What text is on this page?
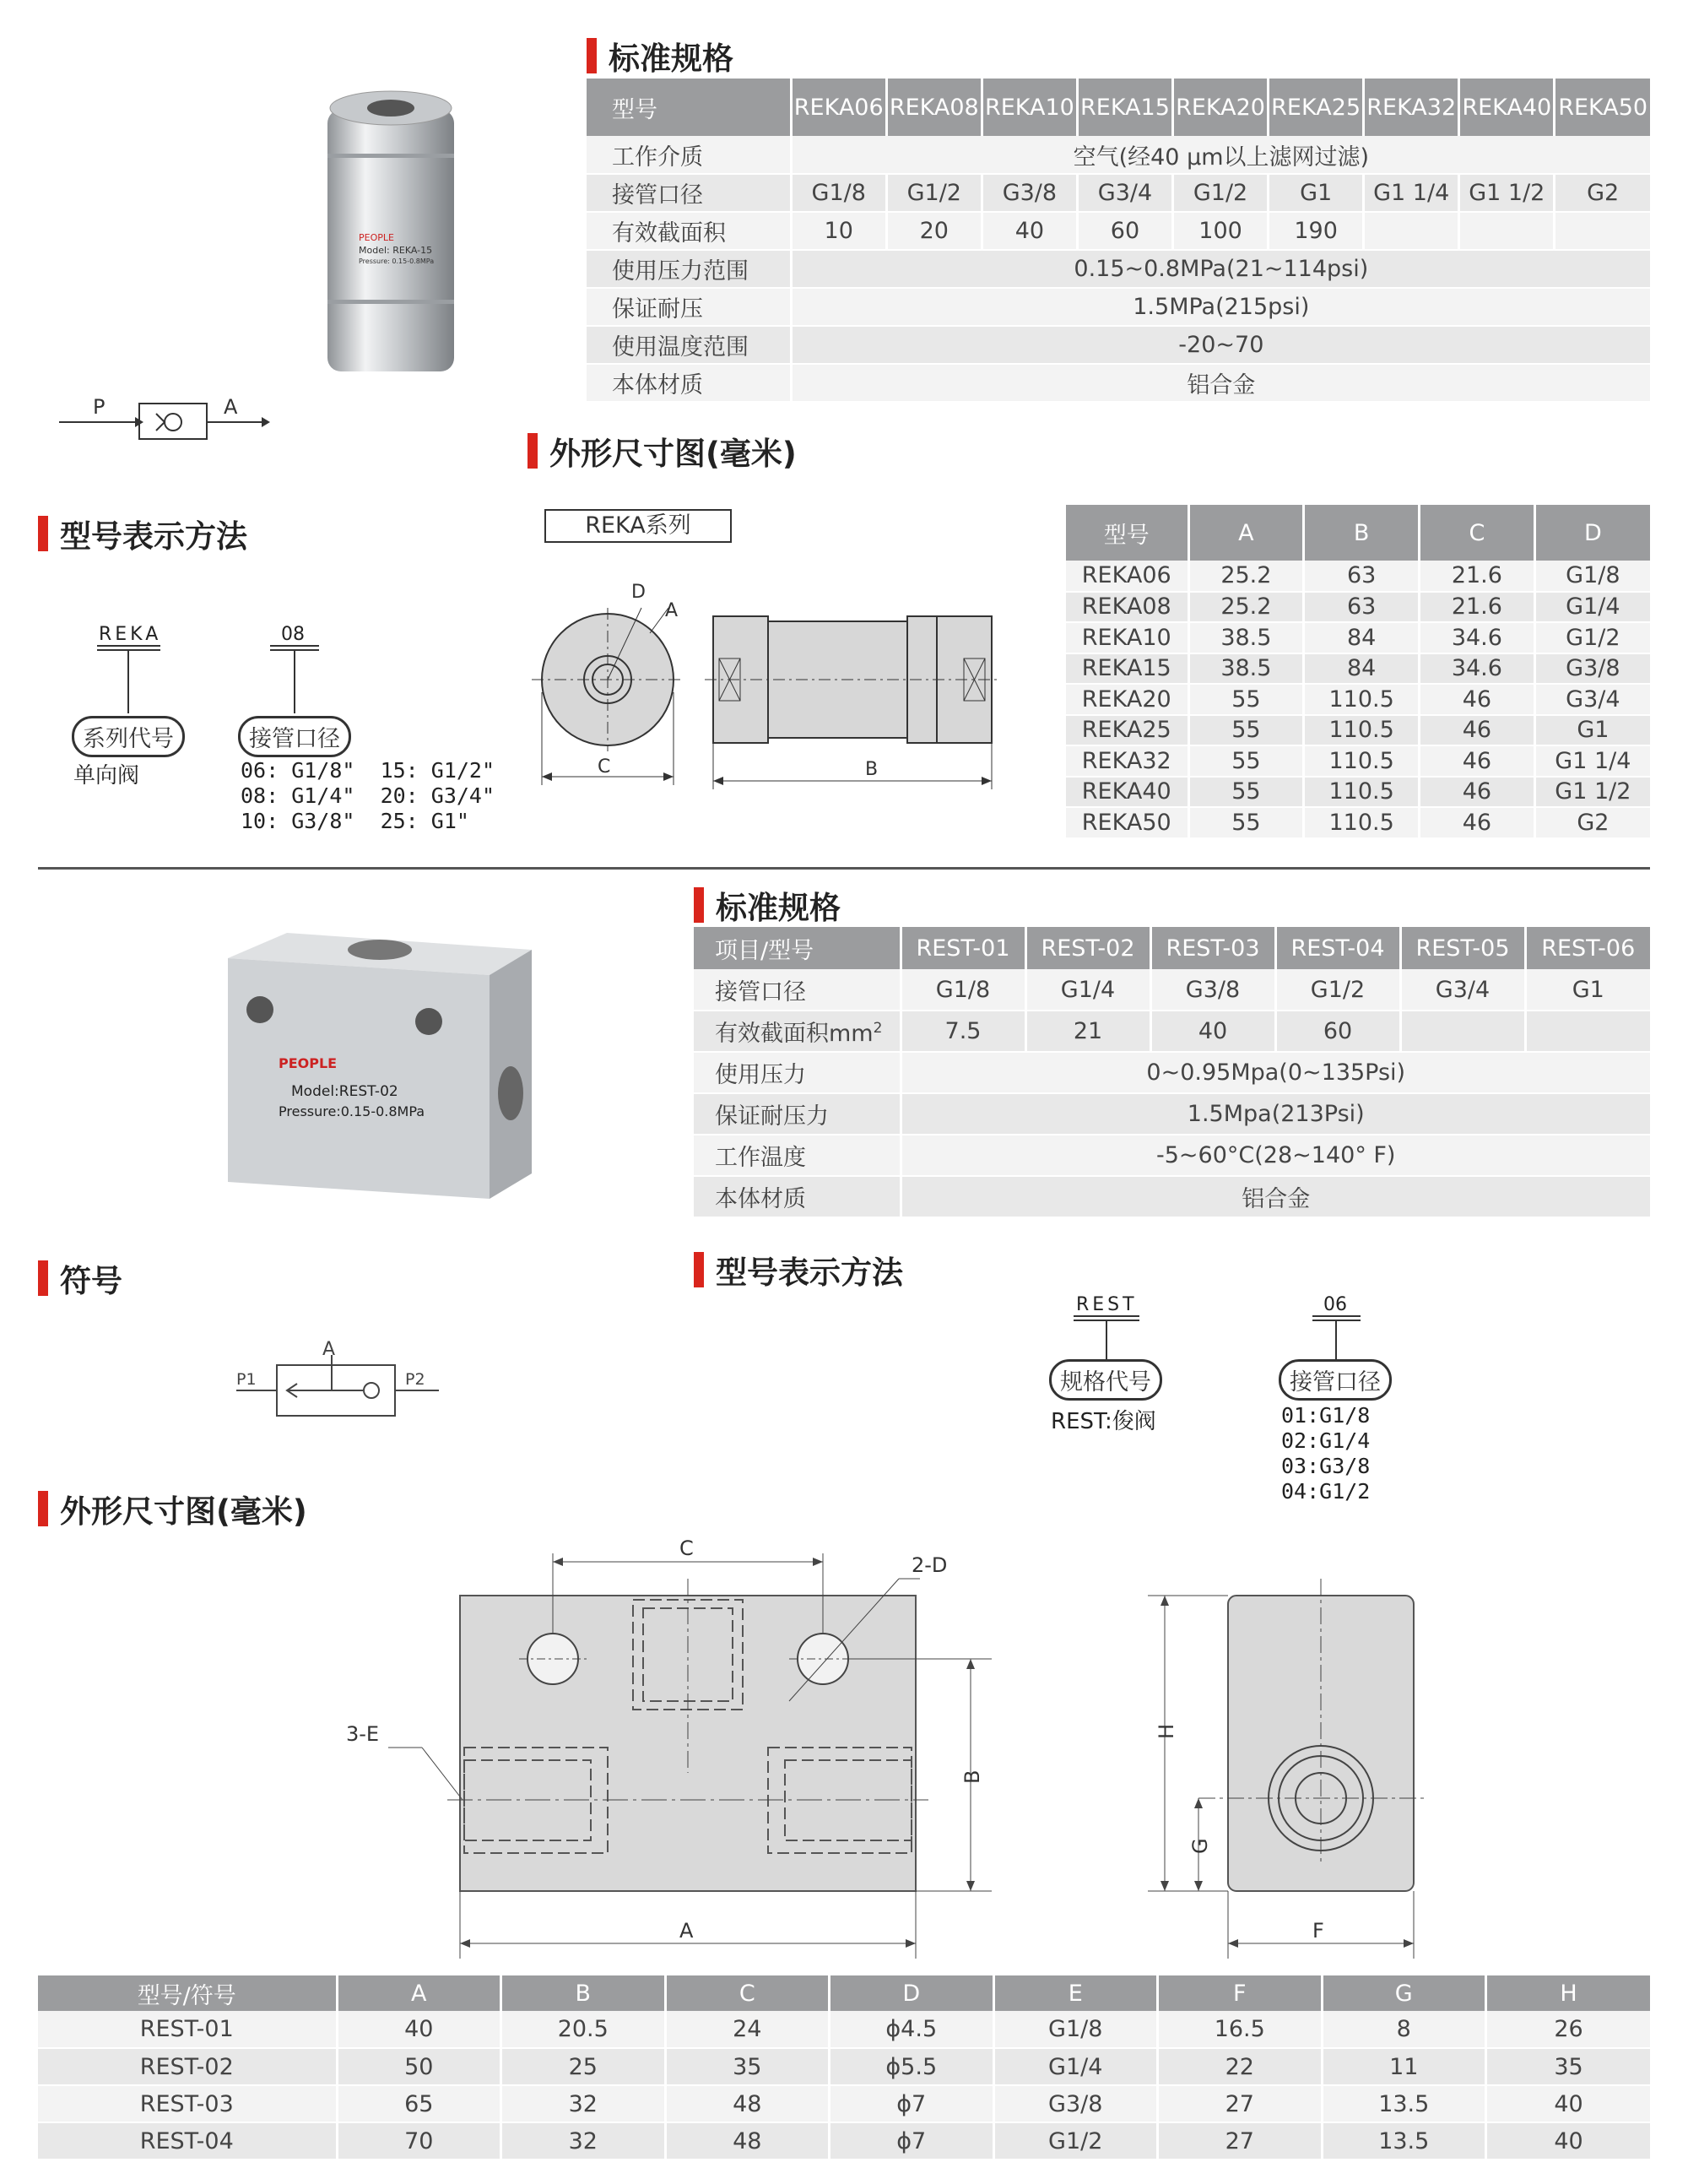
PEOPLE
Model: REKA-15
Pressure: 0.15-0.8MPa
P	A
标准规格
型号	REKA06	REKA08	REKA10	REKA15	REKA20	REKA25	REKA32	REKA40	REKA50
工作介质	空气(经40 μm以上滤网过滤)								
接管口径	G1/8	G1/2	G3/8	G3/4	G1/2	G1	G1 1/4	G1 1/2	G2
有效截面积	10	20	40	60	100	190			
使用压力范围	0.15~0.8MPa(21~114psi)								
保证耐压	1.5MPa(215psi)								
使用温度范围	-20~70								
本体材质	铝合金								
外形尺寸图(毫米)
REKA系列
D
A
C	B
型号	A	B	C	D
REKA06	25.2	63	21.6	G1/8
REKA08	25.2	63	21.6	G1/4
REKA10	38.5	84	34.6	G1/2
REKA15	38.5	84	34.6	G3/8
REKA20	55	110.5	46	G3/4
REKA25	55	110.5	46	G1
REKA32	55	110.5	46	G1 1/4
REKA40	55	110.5	46	G1 1/2
REKA50	55	110.5	46	G2
型号表示方法
REKA	08
系列代号	接管口径
单向阀	06: G1/8"  15: G1/2"
08: G1/4"  20: G3/4"
10: G3/8"  25: G1"
PEOPLE
Model:REST-02
Pressure:0.15-0.8MPa
标准规格
项目/型号	REST-01	REST-02	REST-03	REST-04	REST-05	REST-06
接管口径	G1/8	G1/4	G3/8	G1/2	G3/4	G1
有效截面积$mm^2$	7.5	21	40	60		
使用压力	0~0.95Mpa(0~135Psi)					
保证耐压力	1.5Mpa(213Psi)					
工作温度	-5~60°C(28~140° F)					
本体材质	铝合金					
符号
A
P1	P2
型号表示方法
REST	06
规格代号	接管口径
REST:俊阀	01:G1/8
02:G1/4
03:G3/8
04:G1/2
外形尺寸图(毫米)
C
2-D
3-E
B
A	F
H
G
型号/符号	A	B	C	D	E	F	G	H
REST-01	40	20.5	24	ϕ4.5	G1/8	16.5	8	26
REST-02	50	25	35	ϕ5.5	G1/4	22	11	35
REST-03	65	32	48	ϕ7	G3/8	27	13.5	40
REST-04	70	32	48	ϕ7	G1/2	27	13.5	40
